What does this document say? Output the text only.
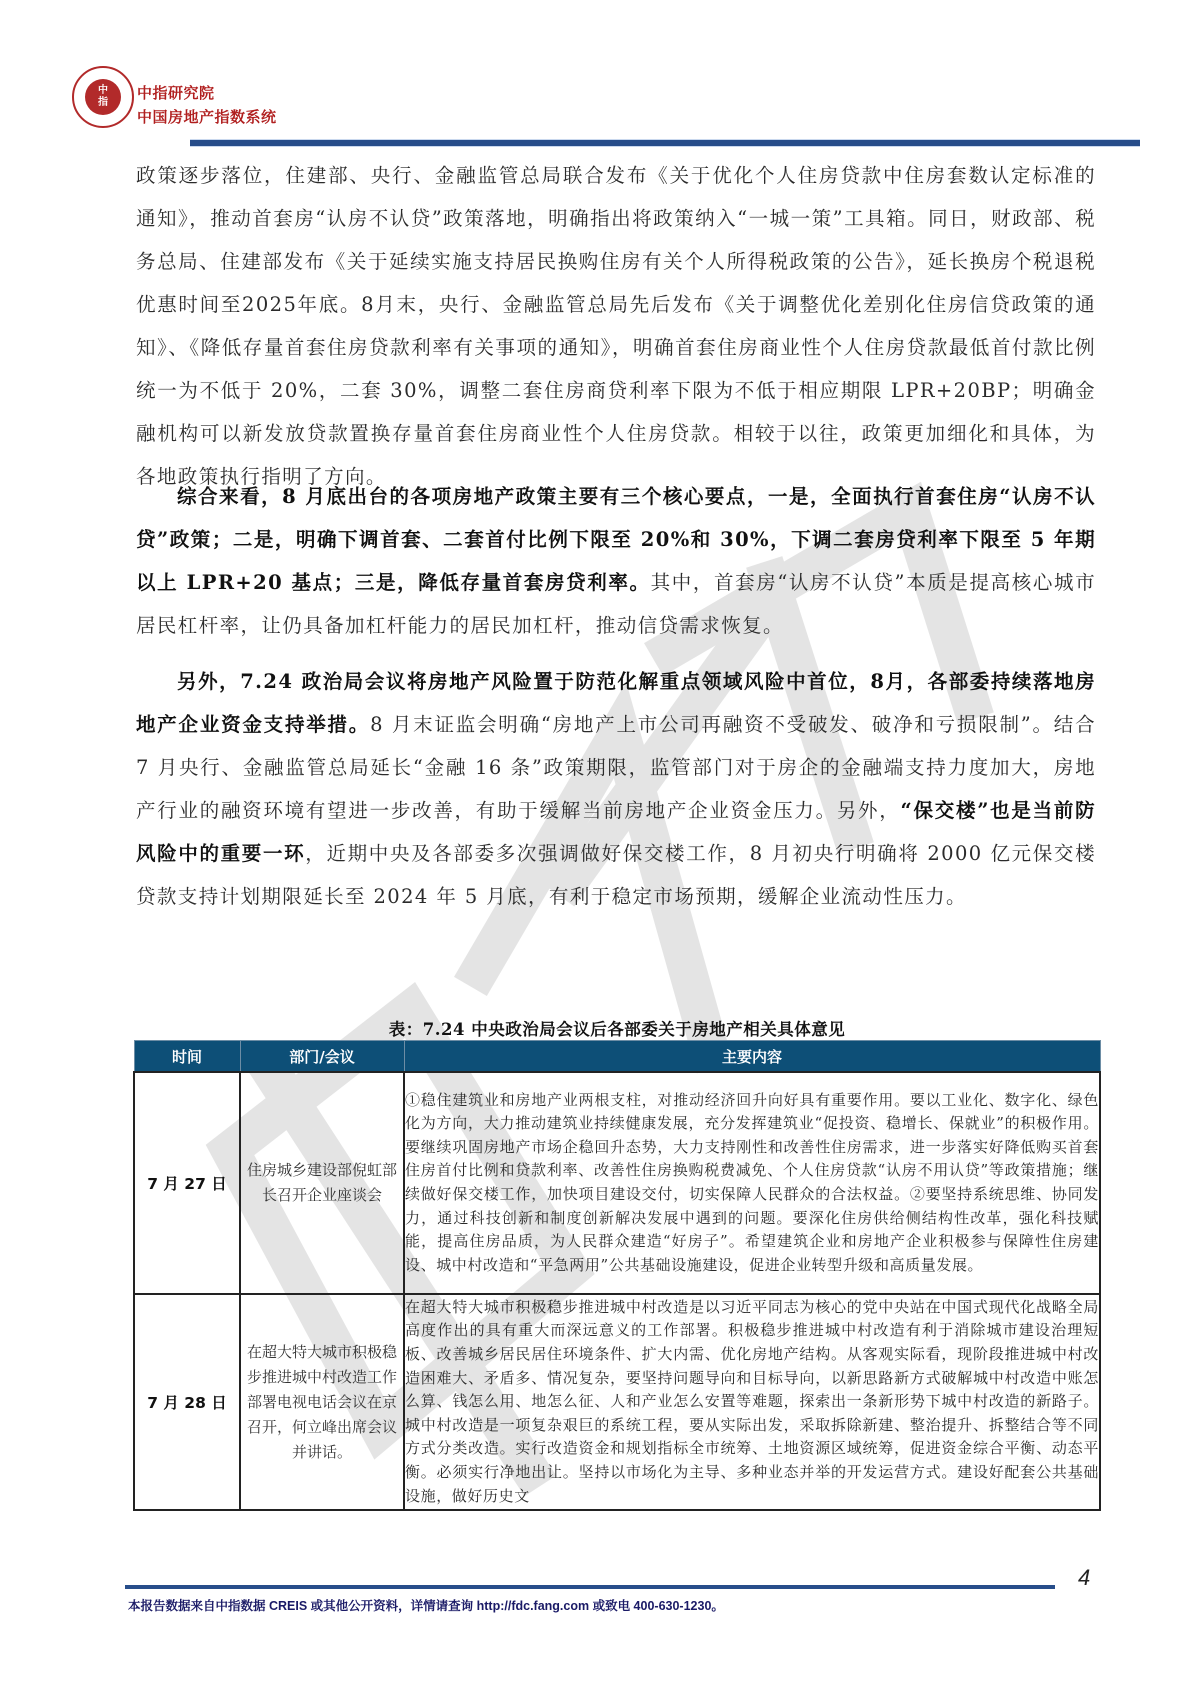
中
指
中指研究院
中国房地产指数系统

政策逐步落位，住建部、央行、金融监管总局联合发布《关于优化个人住房贷款中住房套数认定标准的通知》，推动首套房“认房不认贷”政策落地，明确指出将政策纳入“一城一策”工具箱。同日，财政部、税务总局、住建部发布《关于延续实施支持居民换购住房有关个人所得税政策的公告》，延长换房个税退税优惠时间至2025年底。8月末，央行、金融监管总局先后发布《关于调整优化差别化住房信贷政策的通知》、《降低存量首套住房贷款利率有关事项的通知》，明确首套住房商业性个人住房贷款最低首付款比例统一为不低于 20%，二套 30%，调整二套住房商贷利率下限为不低于相应期限 LPR+20BP；明确金融机构可以新发放贷款置换存量首套住房商业性个人住房贷款。相较于以往，政策更加细化和具体，为各地政策执行指明了方向。

综合来看，8 月底出台的各项房地产政策主要有三个核心要点，一是，全面执行首套住房“认房不认贷”政策；二是，明确下调首套、二套首付比例下限至 20%和 30%，下调二套房贷利率下限至 5 年期以上 LPR+20 基点；三是，降低存量首套房贷利率。其中，首套房“认房不认贷”本质是提高核心城市居民杠杆率，让仍具备加杠杆能力的居民加杠杆，推动信贷需求恢复。

另外，7.24 政治局会议将房地产风险置于防范化解重点领域风险中首位，8月，各部委持续落地房地产企业资金支持举措。8 月末证监会明确“房地产上市公司再融资不受破发、破净和亏损限制”。结合 7 月央行、金融监管总局延长“金融 16 条”政策期限，监管部门对于房企的金融端支持力度加大，房地产行业的融资环境有望进一步改善，有助于缓解当前房地产企业资金压力。另外，“保交楼”也是当前防风险中的重要一环，近期中央及各部委多次强调做好保交楼工作，8 月初央行明确将 2000 亿元保交楼贷款支持计划期限延长至 2024 年 5 月底，有利于稳定市场预期，缓解企业流动性压力。

表：7.24 中央政治局会议后各部委关于房地产相关具体意见
时间	部门/会议	主要内容
7 月 27 日	住房城乡建设部倪虹部长召开企业座谈会	①稳住建筑业和房地产业两根支柱，对推动经济回升向好具有重要作用。要以工业化、数字化、绿色化为方向，大力推动建筑业持续健康发展，充分发挥建筑业“促投资、稳增长、保就业”的积极作用。要继续巩固房地产市场企稳回升态势，大力支持刚性和改善性住房需求，进一步落实好降低购买首套住房首付比例和贷款利率、改善性住房换购税费减免、个人住房贷款“认房不用认贷”等政策措施；继续做好保交楼工作，加快项目建设交付，切实保障人民群众的合法权益。②要坚持系统思维、协同发力，通过科技创新和制度创新解决发展中遇到的问题。要深化住房供给侧结构性改革，强化科技赋能，提高住房品质，为人民群众建造“好房子”。希望建筑企业和房地产企业积极参与保障性住房建设、城中村改造和“平急两用”公共基础设施建设，促进企业转型升级和高质量发展。
7 月 28 日	在超大特大城市积极稳步推进城中村改造工作部署电视电话会议在京召开，何立峰出席会议并讲话。	在超大特大城市积极稳步推进城中村改造是以习近平同志为核心的党中央站在中国式现代化战略全局高度作出的具有重大而深远意义的工作部署。积极稳步推进城中村改造有利于消除城市建设治理短板、改善城乡居民居住环境条件、扩大内需、优化房地产结构。从客观实际看，现阶段推进城中村改造困难大、矛盾多、情况复杂，要坚持问题导向和目标导向，以新思路新方式破解城中村改造中账怎么算、钱怎么用、地怎么征、人和产业怎么安置等难题，探索出一条新形势下城中村改造的新路子。城中村改造是一项复杂艰巨的系统工程，要从实际出发，采取拆除新建、整治提升、拆整结合等不同方式分类改造。实行改造资金和规划指标全市统筹、土地资源区域统筹，促进资金综合平衡、动态平衡。必须实行净地出让。坚持以市场化为主导、多种业态并举的开发运营方式。建设好配套公共基础设施，做好历史文
4
本报告数据来自中指数据 CREIS 或其他公开资料，详情请查询 http://fdc.fang.com 或致电 400-630-1230。
